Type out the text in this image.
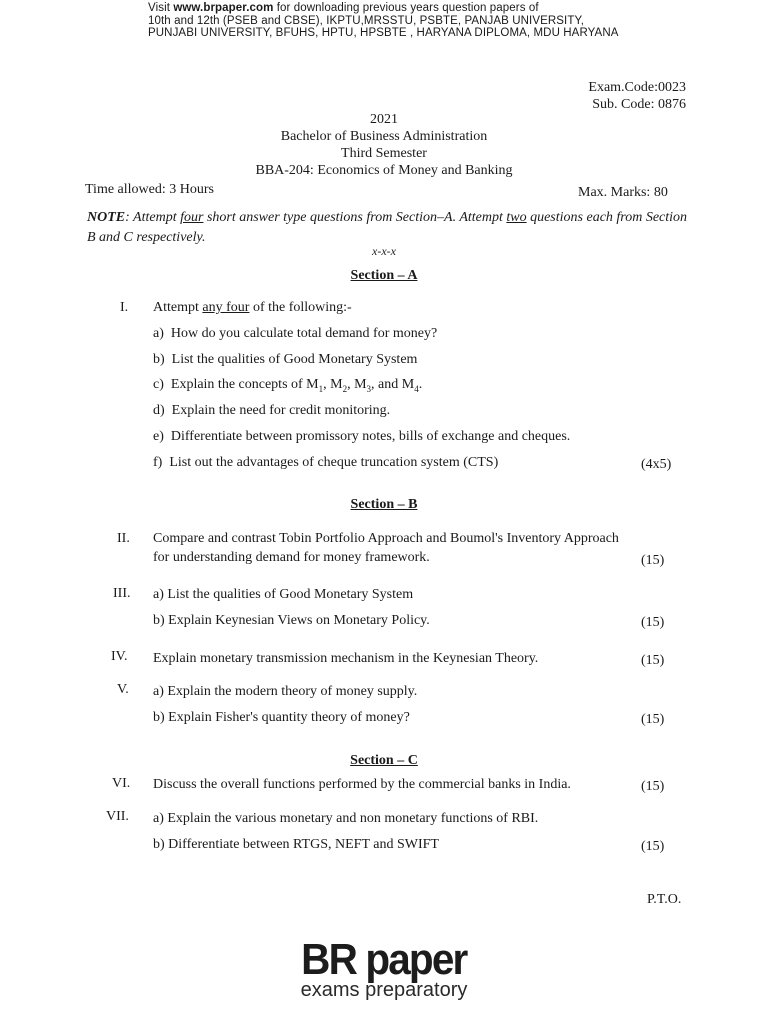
Visit www.brpaper.com for downloading previous years question papers of
10th and 12th (PSEB and CBSE), IKPTU,MRSSTU, PSBTE, PANJAB UNIVERSITY,
PUNJABI UNIVERSITY, BFUHS, HPTU, HPSBTE , HARYANA DIPLOMA, MDU HARYANA
Exam.Code:0023
Sub. Code: 0876
2021
Bachelor of Business Administration
Third Semester
BBA-204: Economics of Money and Banking
Time allowed: 3 Hours	Max. Marks: 80
NOTE: Attempt four short answer type questions from Section–A. Attempt two questions each from Section B and C respectively.
x-x-x
Section – A
I. Attempt any four of the following:-
a) How do you calculate total demand for money?
b) List the qualities of Good Monetary System
c) Explain the concepts of $M_1$, $M_2$, $M_3$, and $M_4$.
d) Explain the need for credit monitoring.
e) Differentiate between promissory notes, bills of exchange and cheques.
f) List out the advantages of cheque truncation system (CTS)	(4x5)
Section – B
II. Compare and contrast Tobin Portfolio Approach and Boumol's Inventory Approach
for understanding demand for money framework.	(15)
III. a) List the qualities of Good Monetary System
b) Explain Keynesian Views on Monetary Policy.	(15)
IV. Explain monetary transmission mechanism in the Keynesian Theory.	(15)
V. a) Explain the modern theory of money supply.
b) Explain Fisher's quantity theory of money?	(15)
Section – C
VI. Discuss the overall functions performed by the commercial banks in India.	(15)
VII. a) Explain the various monetary and non monetary functions of RBI.
b) Differentiate between RTGS, NEFT and SWIFT	(15)
P.T.O.
BR paper
exams preparatory
